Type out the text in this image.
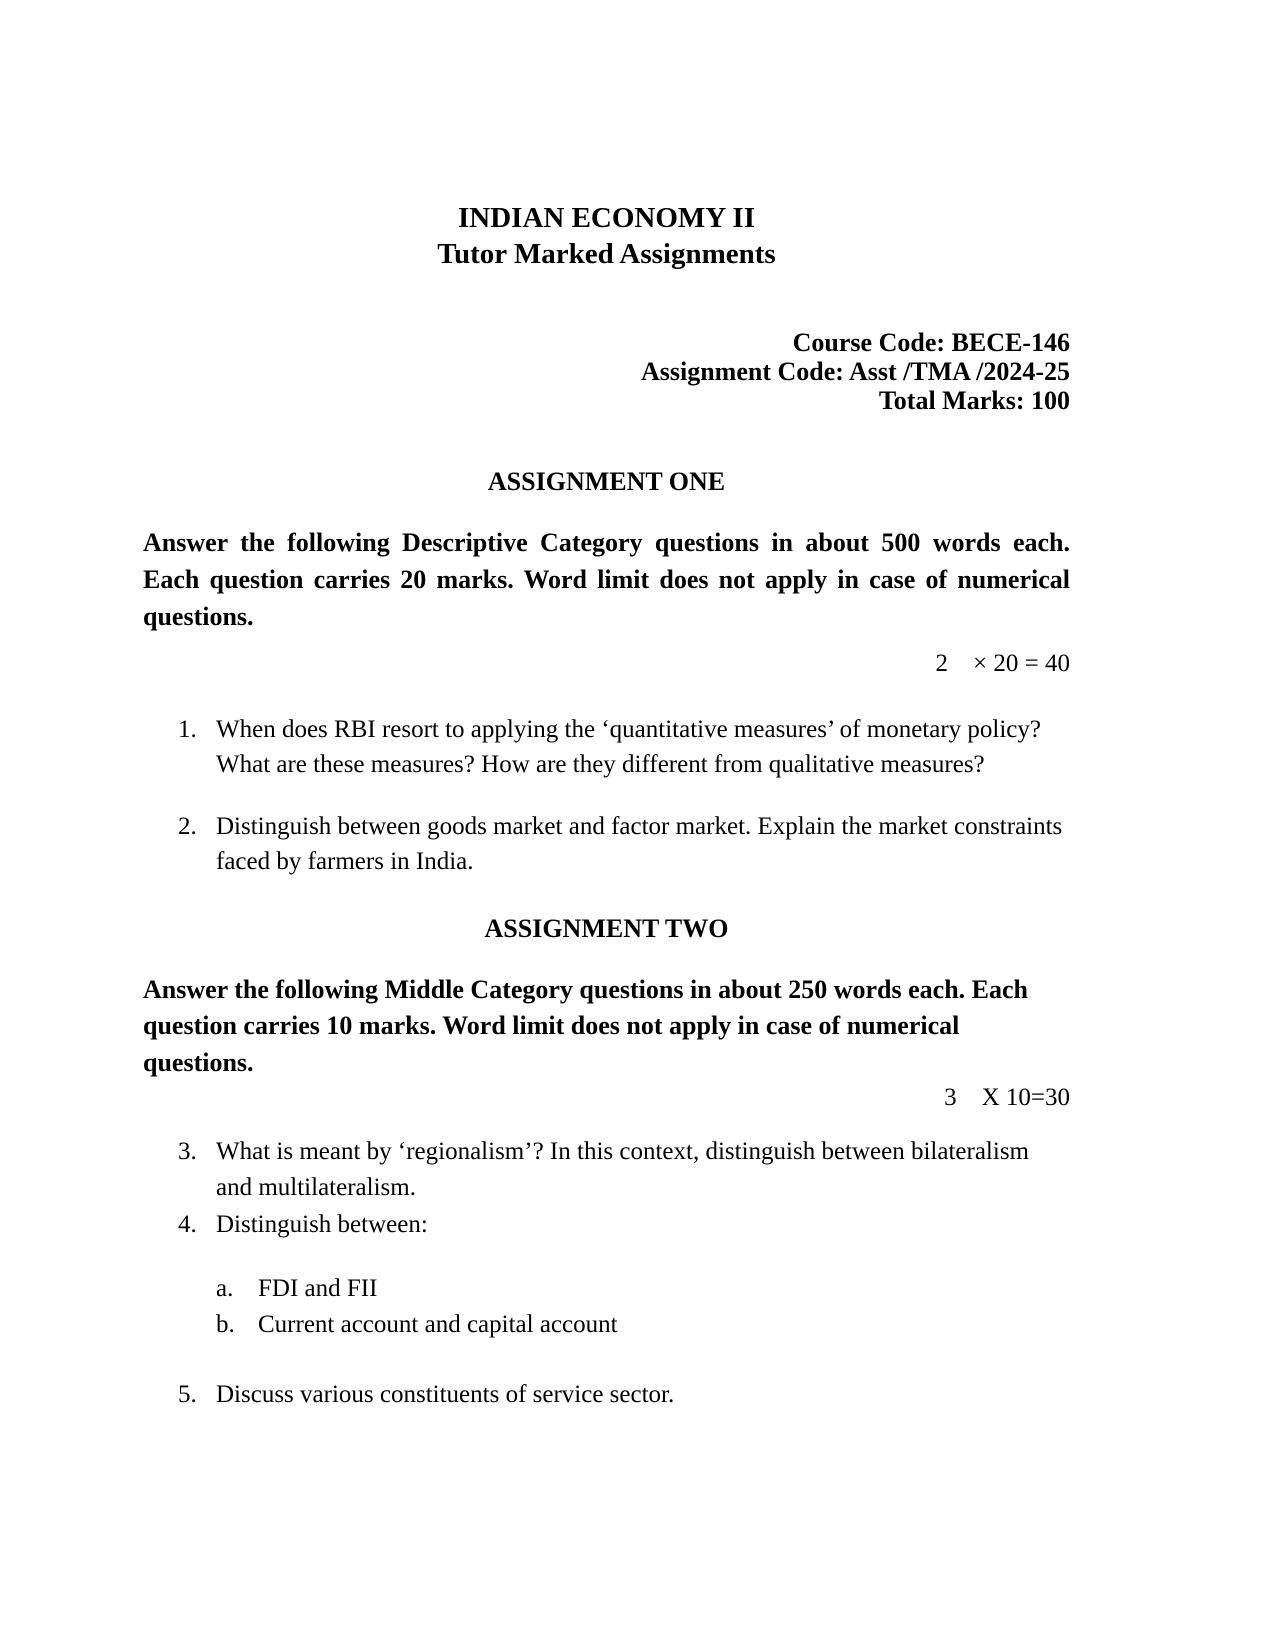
INDIAN ECONOMY II
Tutor Marked Assignments
Course Code: BECE-146
Assignment Code: Asst /TMA /2024-25
Total Marks: 100
ASSIGNMENT ONE
Answer the following Descriptive Category questions in about 500 words each. Each question carries 20 marks. Word limit does not apply in case of numerical questions.
2    × 20 = 40
1. When does RBI resort to applying the ‘quantitative measures’ of monetary policy? What are these measures? How are they different from qualitative measures?
2. Distinguish between goods market and factor market. Explain the market constraints faced by farmers in India.
ASSIGNMENT TWO
Answer the following Middle Category questions in about 250 words each. Each question carries 10 marks. Word limit does not apply in case of numerical questions.
3    X 10=30
3. What is meant by ‘regionalism’? In this context, distinguish between bilateralism and multilateralism.
4. Distinguish between:
a. FDI and FII
b. Current account and capital account
5. Discuss various constituents of service sector.
